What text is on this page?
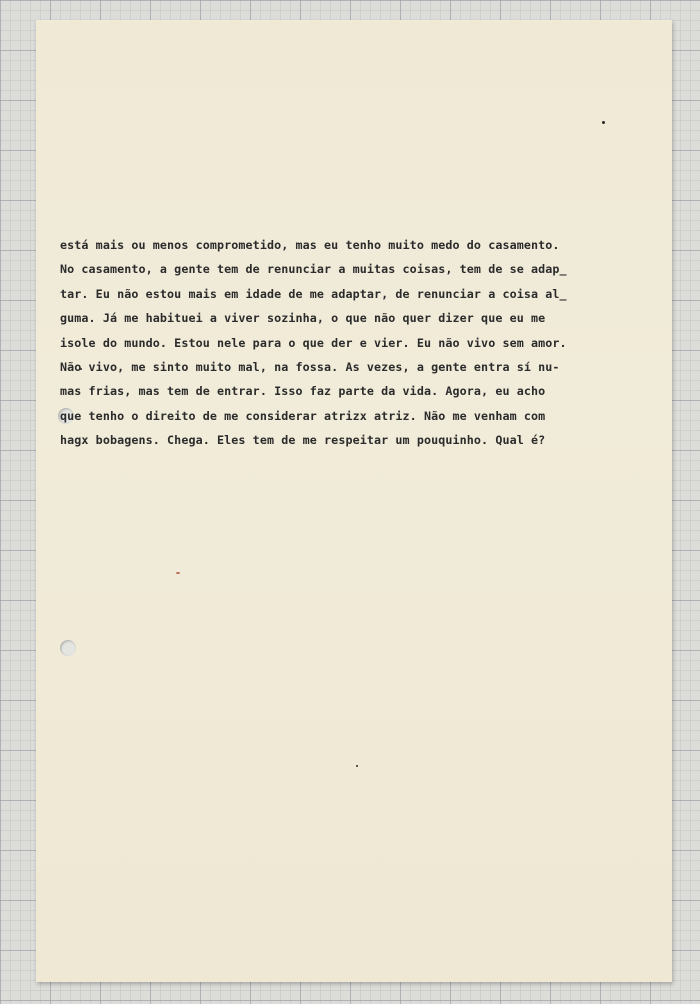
está mais ou menos comprometido, mas eu tenho muito medo do casamento.
No casamento, a gente tem de renunciar a muitas coisas, tem de se adap_
tar. Eu não estou mais em idade de me adaptar, de renunciar a coisa al_
guma. Já me habituei a viver sozinha, o que não quer dizer que eu me
isole do mundo. Estou nele para o que der e vier. Eu não vivo sem amor.
Não vivo, me sinto muito mal, na fossa. As vezes, a gente entra sí nu-
mas frias, mas tem de entrar. Isso faz parte da vida. Agora, eu acho
que tenho o direito de me considerar atrizx atriz. Não me venham com
hagx bobagens. Chega. Eles tem de me respeitar um pouquinho. Qual é?
